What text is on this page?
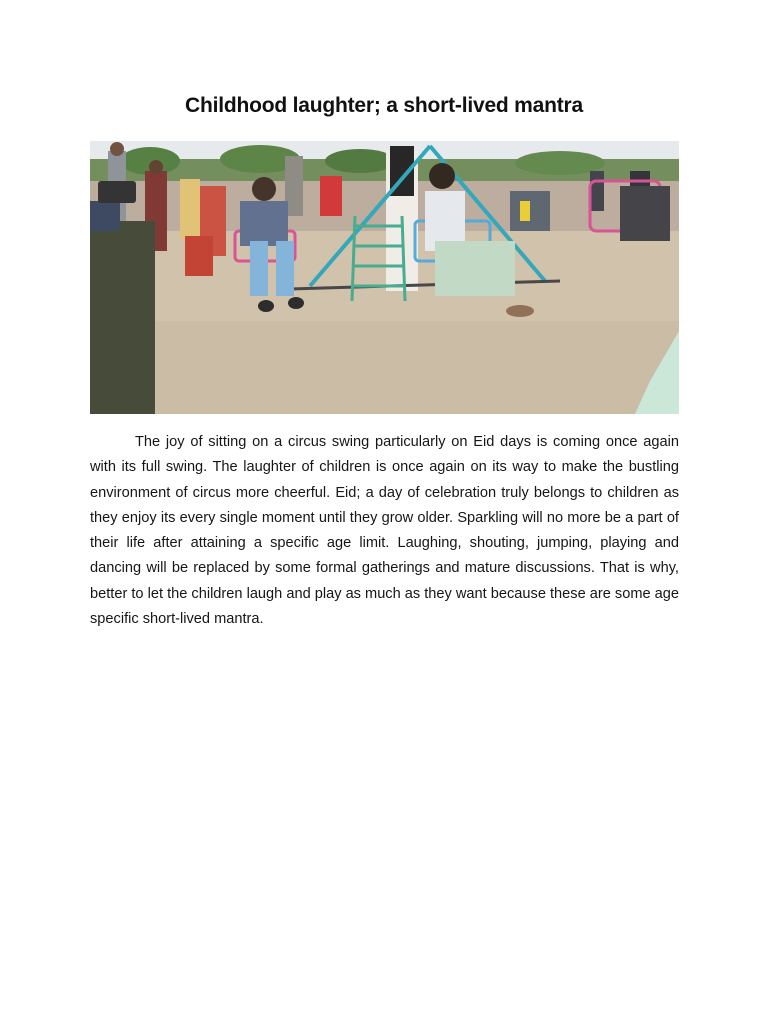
Childhood laughter; a short-lived mantra

The joy of sitting on a circus swing particularly on Eid days is coming once again with its full swing. The laughter of children is once again on its way to make the bustling environment of circus more cheerful. Eid; a day of celebration truly belongs to children as they enjoy its every single moment until they grow older. Sparkling will no more be a part of their life after attaining a specific age limit. Laughing, shouting, jumping, playing and dancing will be replaced by some formal gatherings and mature discussions. That is why, better to let the children laugh and play as much as they want because these are some age specific short-lived mantra.
